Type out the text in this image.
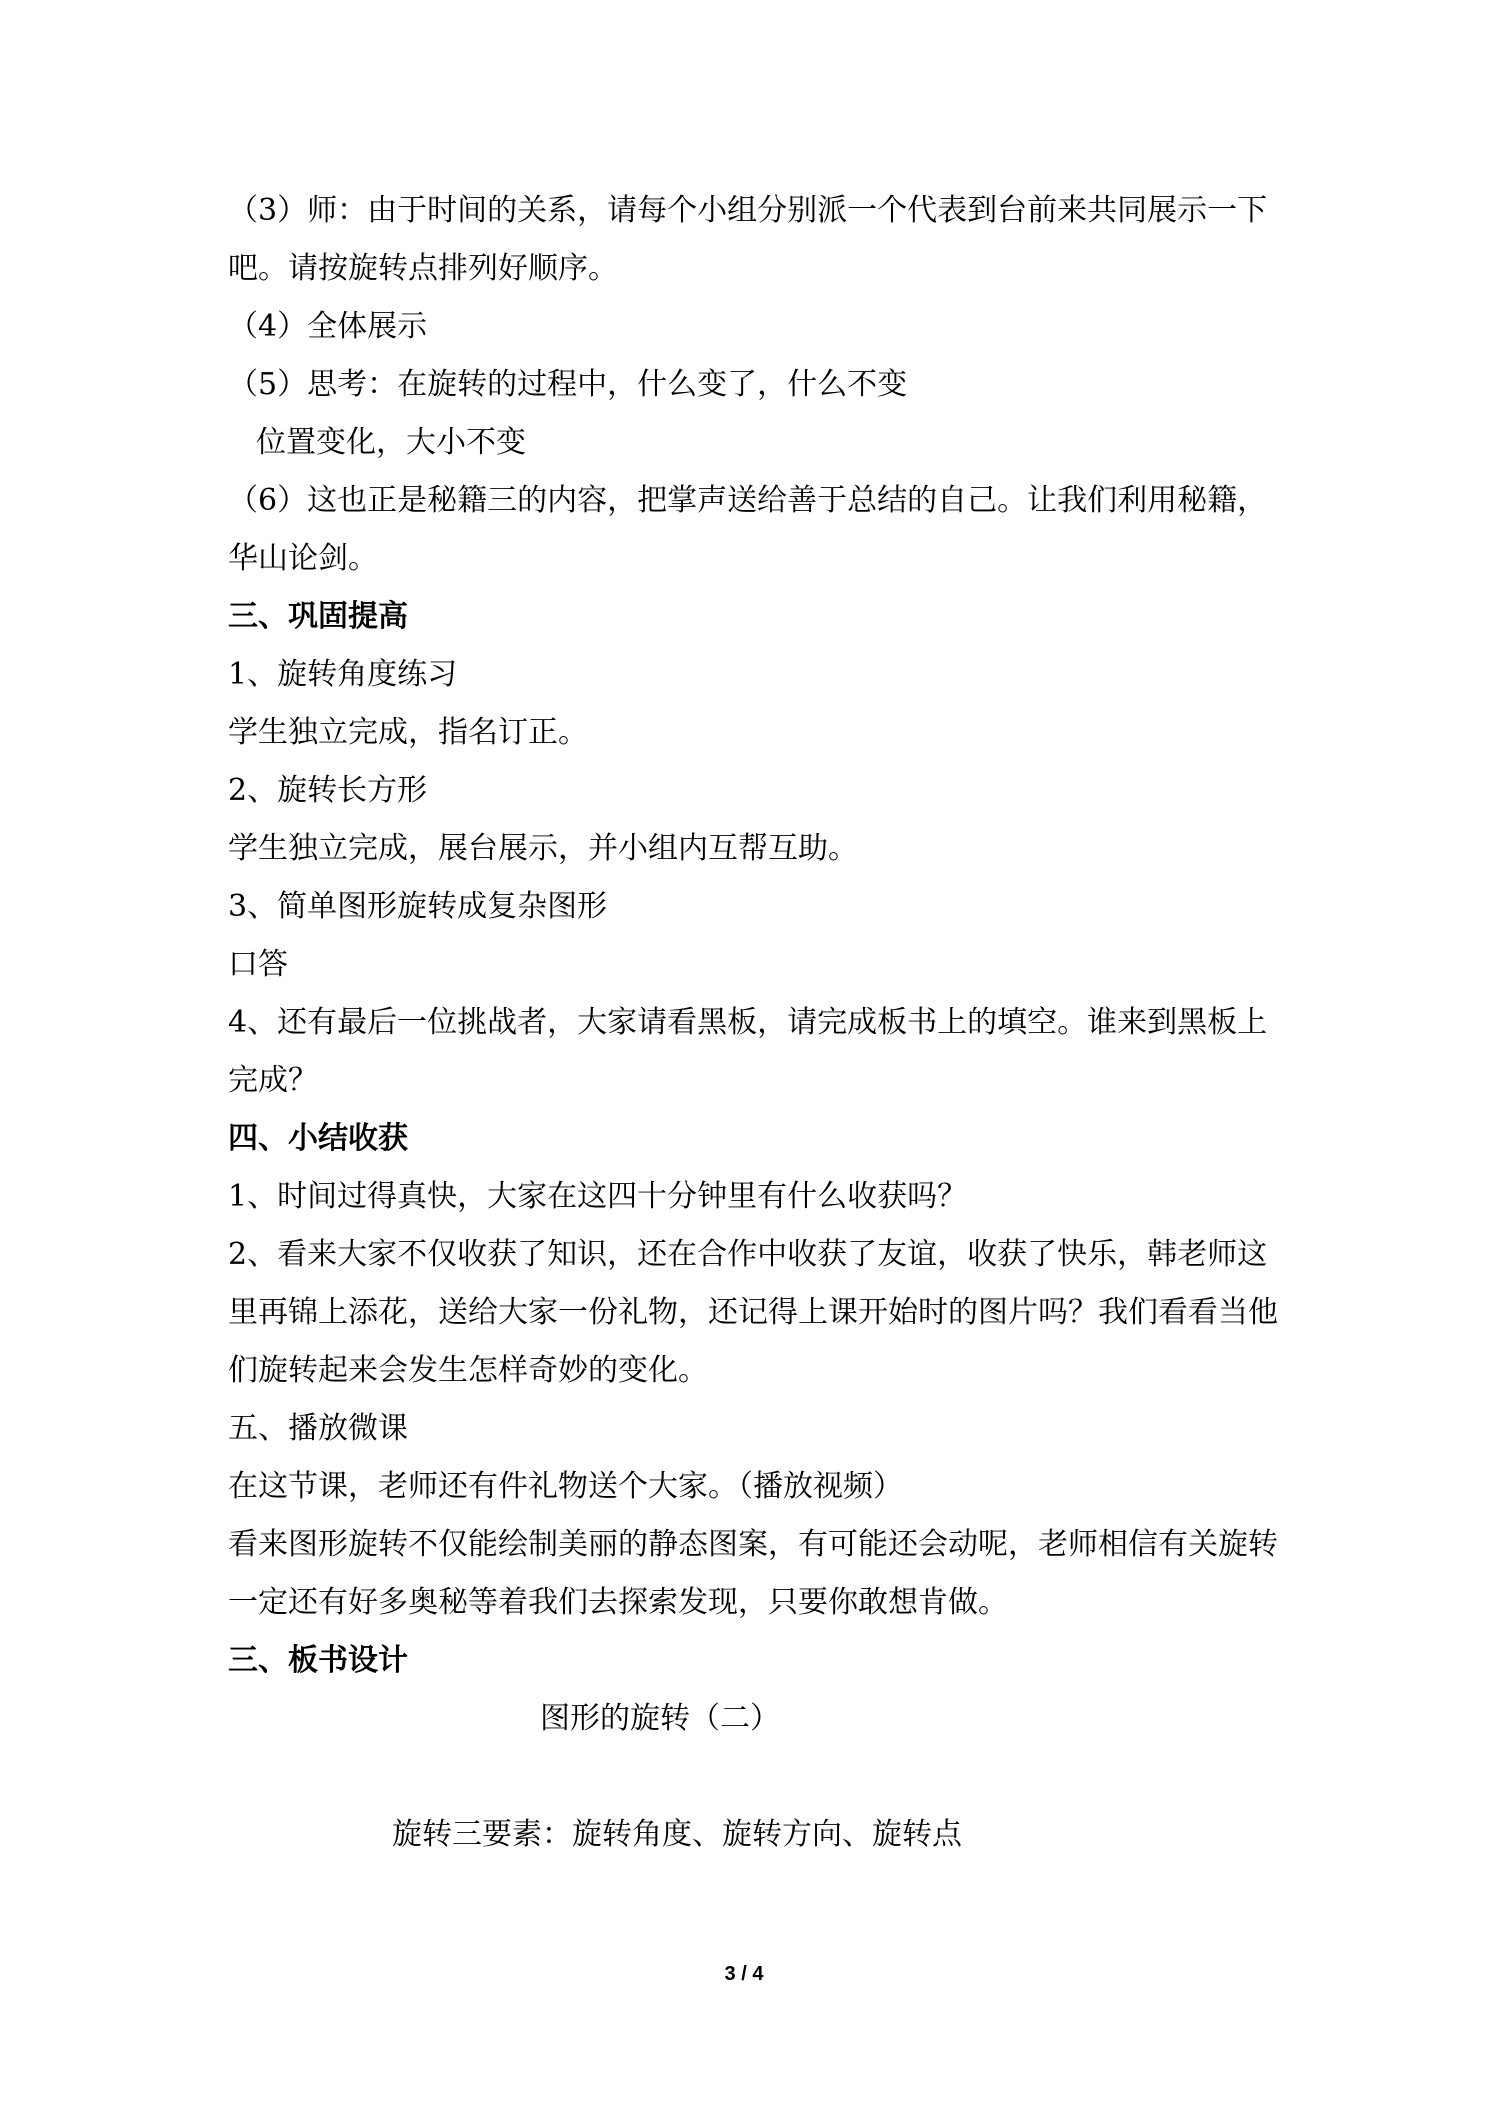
（3）师：由于时间的关系，请每个小组分别派一个代表到台前来共同展示一下
吧。请按旋转点排列好顺序。
（4）全体展示
（5）思考：在旋转的过程中，什么变了，什么不变
位置变化，大小不变
（6）这也正是秘籍三的内容，把掌声送给善于总结的自己。让我们利用秘籍，
华山论剑。
三、巩固提高
1、旋转角度练习
学生独立完成，指名订正。
2、旋转长方形
学生独立完成，展台展示，并小组内互帮互助。
3、简单图形旋转成复杂图形
口答
4、还有最后一位挑战者，大家请看黑板，请完成板书上的填空。谁来到黑板上
完成？
四、小结收获
1、时间过得真快，大家在这四十分钟里有什么收获吗？
2、看来大家不仅收获了知识，还在合作中收获了友谊，收获了快乐，韩老师这
里再锦上添花，送给大家一份礼物，还记得上课开始时的图片吗？我们看看当他
们旋转起来会发生怎样奇妙的变化。
五、播放微课
在这节课，老师还有件礼物送个大家。（播放视频）
看来图形旋转不仅能绘制美丽的静态图案，有可能还会动呢，老师相信有关旋转
一定还有好多奥秘等着我们去探索发现，只要你敢想肯做。
三、板书设计
图形的旋转（二）
旋转三要素：旋转角度、旋转方向、旋转点
3 / 4
